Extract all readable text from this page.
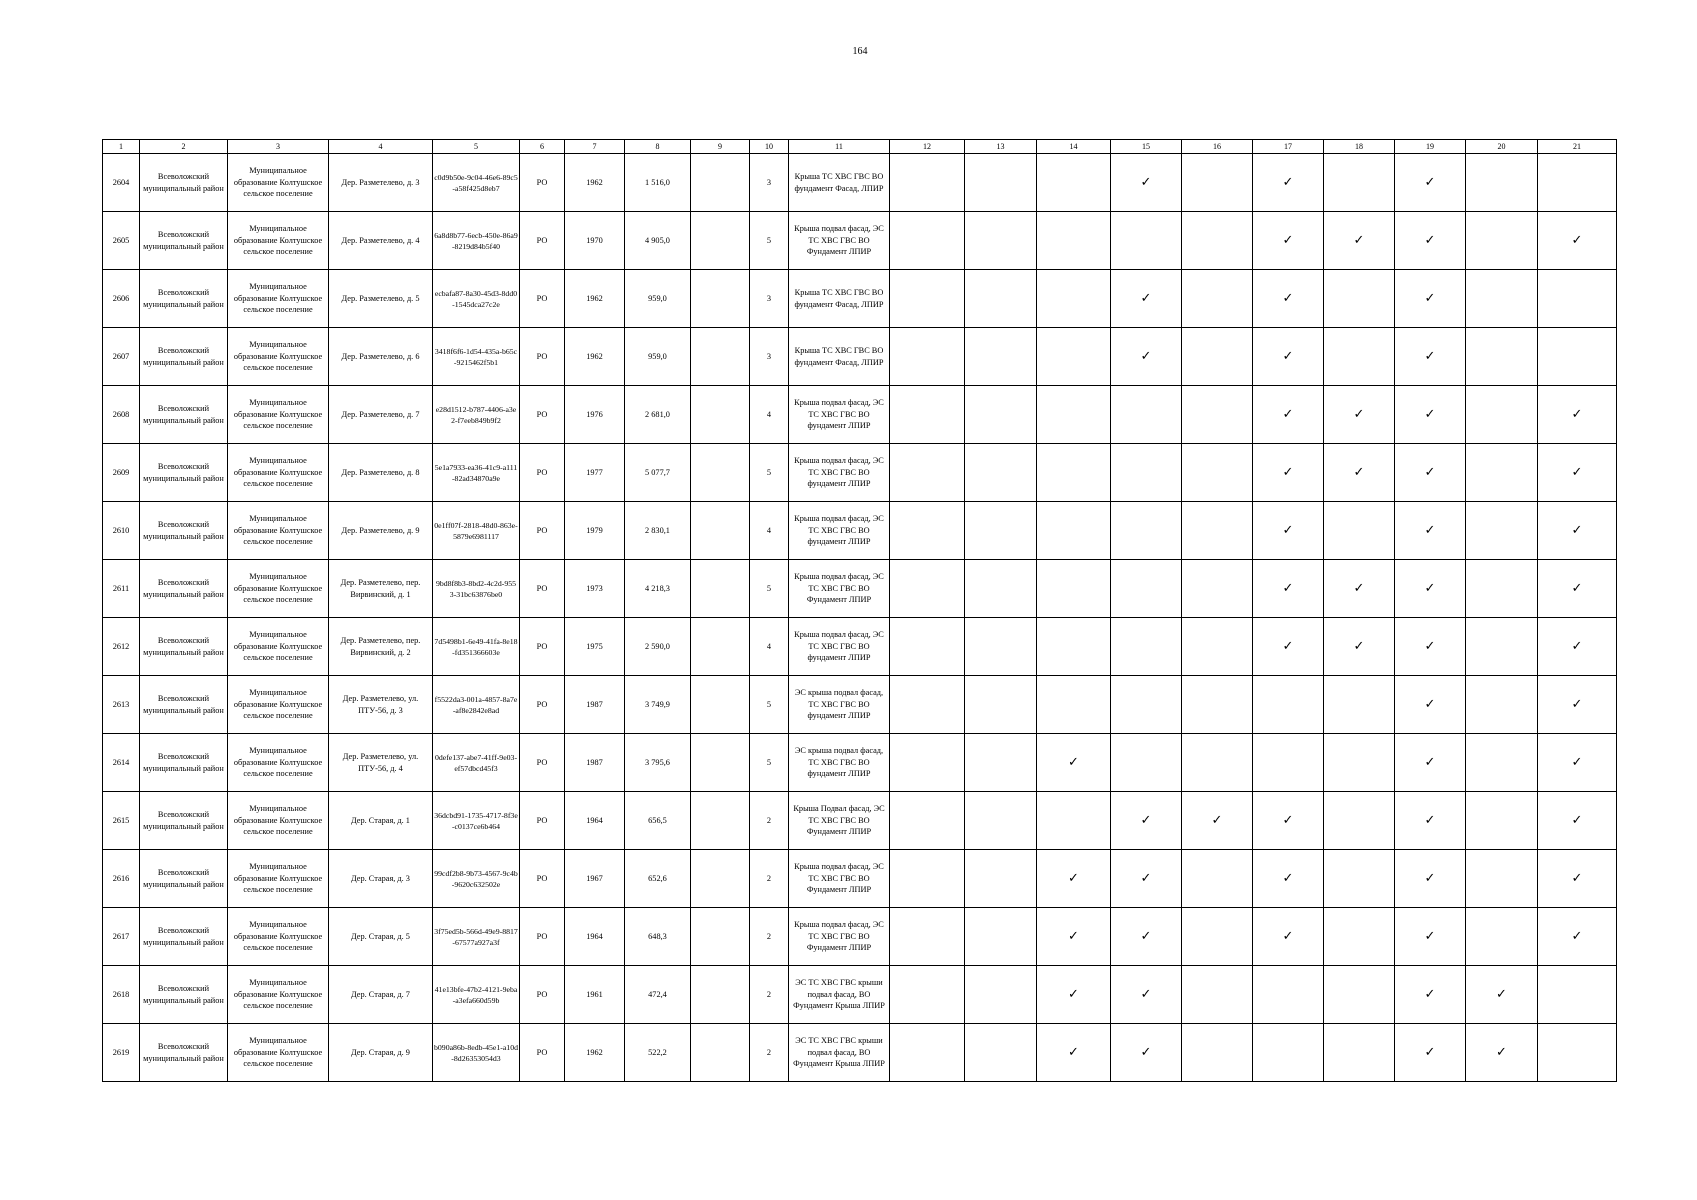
164
1	2	3	4	5	6	7	8	9	10	11	12	13	14	15	16	17	18	19	20	21
2604	Всеволожский муниципальный район	Муниципальное образование Колтушское сельское поселение	Дер. Разметелево, д. 3	c0d9b50e-9c04-46e6-89c5-a58f425d8eb7	РО	1962	1 516,0		3	Крыша ТС ХВС ГВС ВО фундамент Фасад, ЛПИР				✓		✓		✓		
2605	Всеволожский муниципальный район	Муниципальное образование Колтушское сельское поселение	Дер. Разметелево, д. 4	6a8d8b77-6ecb-450e-86a9-8219d84b5f40	РО	1970	4 905,0		5	Крыша подвал фасад, ЭС ТС ХВС ГВС ВО Фундамент ЛПИР						✓	✓	✓		✓
2606	Всеволожский муниципальный район	Муниципальное образование Колтушское сельское поселение	Дер. Разметелево, д. 5	ecbafa87-8a30-45d3-8dd0-1545dca27c2e	РО	1962	959,0		3	Крыша ТС ХВС ГВС ВО фундамент Фасад, ЛПИР				✓		✓		✓		
2607	Всеволожский муниципальный район	Муниципальное образование Колтушское сельское поселение	Дер. Разметелево, д. 6	3418f6f6-1d54-435a-b65c-9215462f5b1	РО	1962	959,0		3	Крыша ТС ХВС ГВС ВО фундамент Фасад, ЛПИР				✓		✓		✓		
2608	Всеволожский муниципальный район	Муниципальное образование Колтушское сельское поселение	Дер. Разметелево, д. 7	e28d1512-b787-4406-a3e2-f7eeb849b9f2	РО	1976	2 681,0		4	Крыша подвал фасад, ЭС ТС ХВС ГВС ВО фундамент ЛПИР						✓	✓	✓		✓
2609	Всеволожский муниципальный район	Муниципальное образование Колтушское сельское поселение	Дер. Разметелево, д. 8	5e1a7933-ea36-41c9-a111-82ad34870a9e	РО	1977	5 077,7		5	Крыша подвал фасад, ЭС ТС ХВС ГВС ВО фундамент ЛПИР						✓	✓	✓		✓
2610	Всеволожский муниципальный район	Муниципальное образование Колтушское сельское поселение	Дер. Разметелево, д. 9	0e1ff07f-2818-48d0-863e-5879e6981117	РО	1979	2 830,1		4	Крыша подвал фасад, ЭС ТС ХВС ГВС ВО фундамент ЛПИР						✓		✓		✓
2611	Всеволожский муниципальный район	Муниципальное образование Колтушское сельское поселение	Дер. Разметелево, пер. Вирвинский, д. 1	9bd8f8b3-8bd2-4c2d-9553-31bc63876be0	РО	1973	4 218,3		5	Крыша подвал фасад, ЭС ТС ХВС ГВС ВО Фундамент ЛПИР						✓	✓	✓		✓
2612	Всеволожский муниципальный район	Муниципальное образование Колтушское сельское поселение	Дер. Разметелево, пер. Вирвинский, д. 2	7d5498b1-6e49-41fa-8e18-fd351366603e	РО	1975	2 590,0		4	Крыша подвал фасад, ЭС ТС ХВС ГВС ВО фундамент ЛПИР						✓	✓	✓		✓
2613	Всеволожский муниципальный район	Муниципальное образование Колтушское сельское поселение	Дер. Разметелево, ул. ПТУ-56, д. 3	f5522da3-001a-4857-8a7e-af8e2842e8ad	РО	1987	3 749,9		5	ЭС крыша подвал фасад, ТС ХВС ГВС ВО фундамент ЛПИР								✓		✓
2614	Всеволожский муниципальный район	Муниципальное образование Колтушское сельское поселение	Дер. Разметелево, ул. ПТУ-56, д. 4	0defe137-abe7-41ff-9e03-ef57dbcd45f3	РО	1987	3 795,6		5	ЭС крыша подвал фасад, ТС ХВС ГВС ВО фундамент ЛПИР			✓					✓		✓
2615	Всеволожский муниципальный район	Муниципальное образование Колтушское сельское поселение	Дер. Старая, д. 1	36dcbd91-1735-4717-8f3e-c0137ce6b464	РО	1964	656,5		2	Крыша Подвал фасад, ЭС ТС ХВС ГВС ВО Фундамент ЛПИР				✓	✓	✓		✓		✓
2616	Всеволожский муниципальный район	Муниципальное образование Колтушское сельское поселение	Дер. Старая, д. 3	99cdf2b8-9b73-4567-9c4b-9620c632502e	РО	1967	652,6		2	Крыша подвал фасад, ЭС ТС ХВС ГВС ВО Фундамент ЛПИР			✓	✓		✓		✓		✓
2617	Всеволожский муниципальный район	Муниципальное образование Колтушское сельское поселение	Дер. Старая, д. 5	3f75ed5b-566d-49e9-8817-67577a927a3f	РО	1964	648,3		2	Крыша подвал фасад, ЭС ТС ХВС ГВС ВО Фундамент ЛПИР			✓	✓		✓		✓		✓
2618	Всеволожский муниципальный район	Муниципальное образование Колтушское сельское поселение	Дер. Старая, д. 7	41e13bfe-47b2-4121-9eba-a3efa660d59b	РО	1961	472,4		2	ЭС ТС ХВС ГВС крыши подвал фасад, ВО Фундамент Крыша ЛПИР			✓	✓				✓	✓	
2619	Всеволожский муниципальный район	Муниципальное образование Колтушское сельское поселение	Дер. Старая, д. 9	b090a86b-8edb-45e1-a10d-8d26353054d3	РО	1962	522,2		2	ЭС ТС ХВС ГВС крыши подвал фасад, ВО Фундамент Крыша ЛПИР			✓	✓				✓	✓	
